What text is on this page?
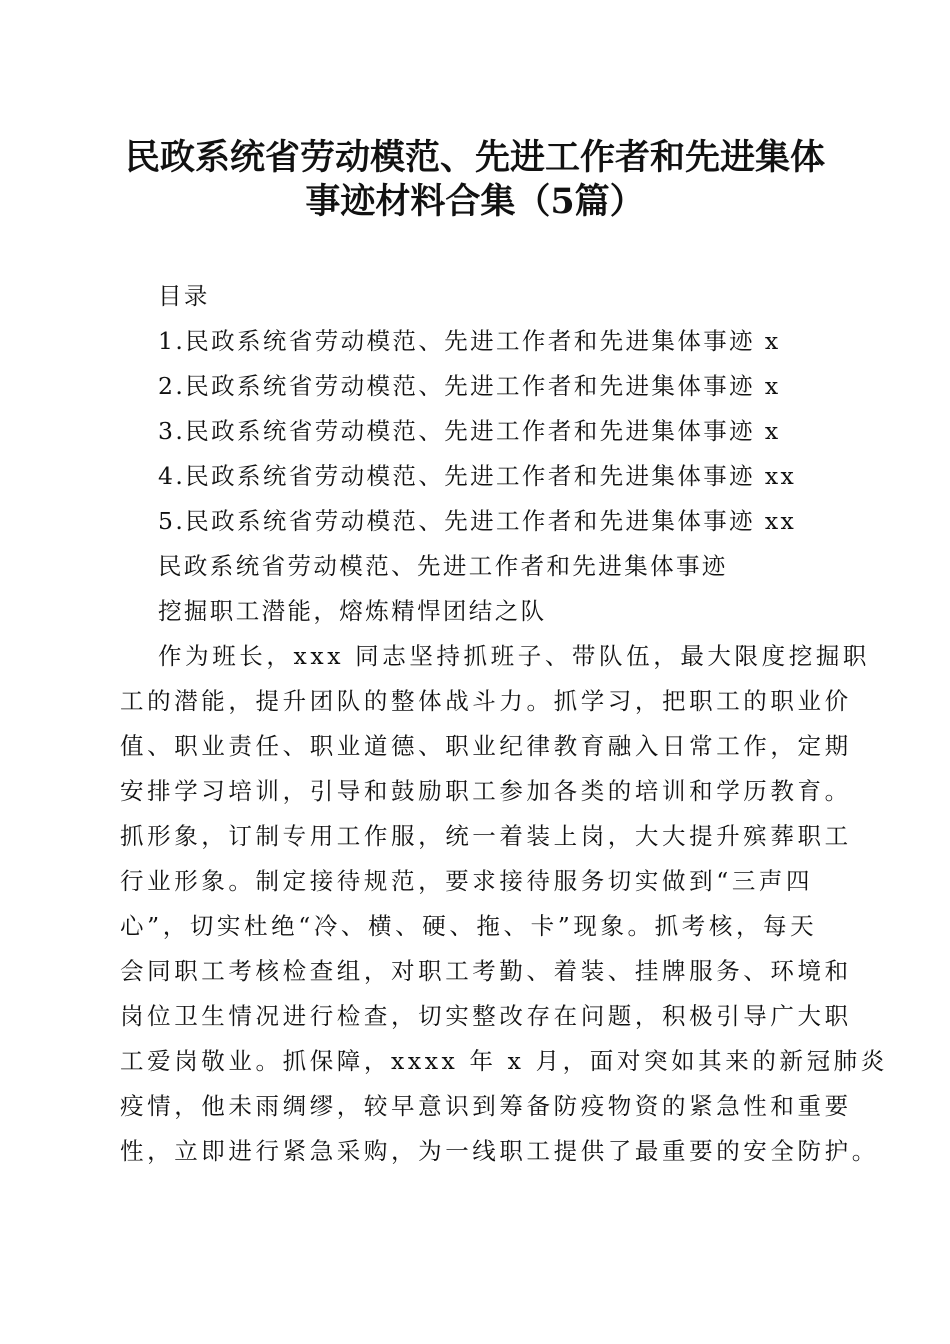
民政系统省劳动模范、先进工作者和先进集体
事迹材料合集（5篇）
目录
1.民政系统省劳动模范、先进工作者和先进集体事迹 x
2.民政系统省劳动模范、先进工作者和先进集体事迹 x
3.民政系统省劳动模范、先进工作者和先进集体事迹 x
4.民政系统省劳动模范、先进工作者和先进集体事迹 xx
5.民政系统省劳动模范、先进工作者和先进集体事迹 xx
民政系统省劳动模范、先进工作者和先进集体事迹
挖掘职工潜能，熔炼精悍团结之队
作为班长，xxx 同志坚持抓班子、带队伍，最大限度挖掘职
工的潜能，提升团队的整体战斗力。抓学习，把职工的职业价
值、职业责任、职业道德、职业纪律教育融入日常工作，定期
安排学习培训，引导和鼓励职工参加各类的培训和学历教育。
抓形象，订制专用工作服，统一着装上岗，大大提升殡葬职工
行业形象。制定接待规范，要求接待服务切实做到“三声四
心”，切实杜绝“冷、横、硬、拖、卡”现象。抓考核，每天
会同职工考核检查组，对职工考勤、着装、挂牌服务、环境和
岗位卫生情况进行检查，切实整改存在问题，积极引导广大职
工爱岗敬业。抓保障，xxxx 年 x 月，面对突如其来的新冠肺炎
疫情，他未雨绸缪，较早意识到筹备防疫物资的紧急性和重要
性，立即进行紧急采购，为一线职工提供了最重要的安全防护。
